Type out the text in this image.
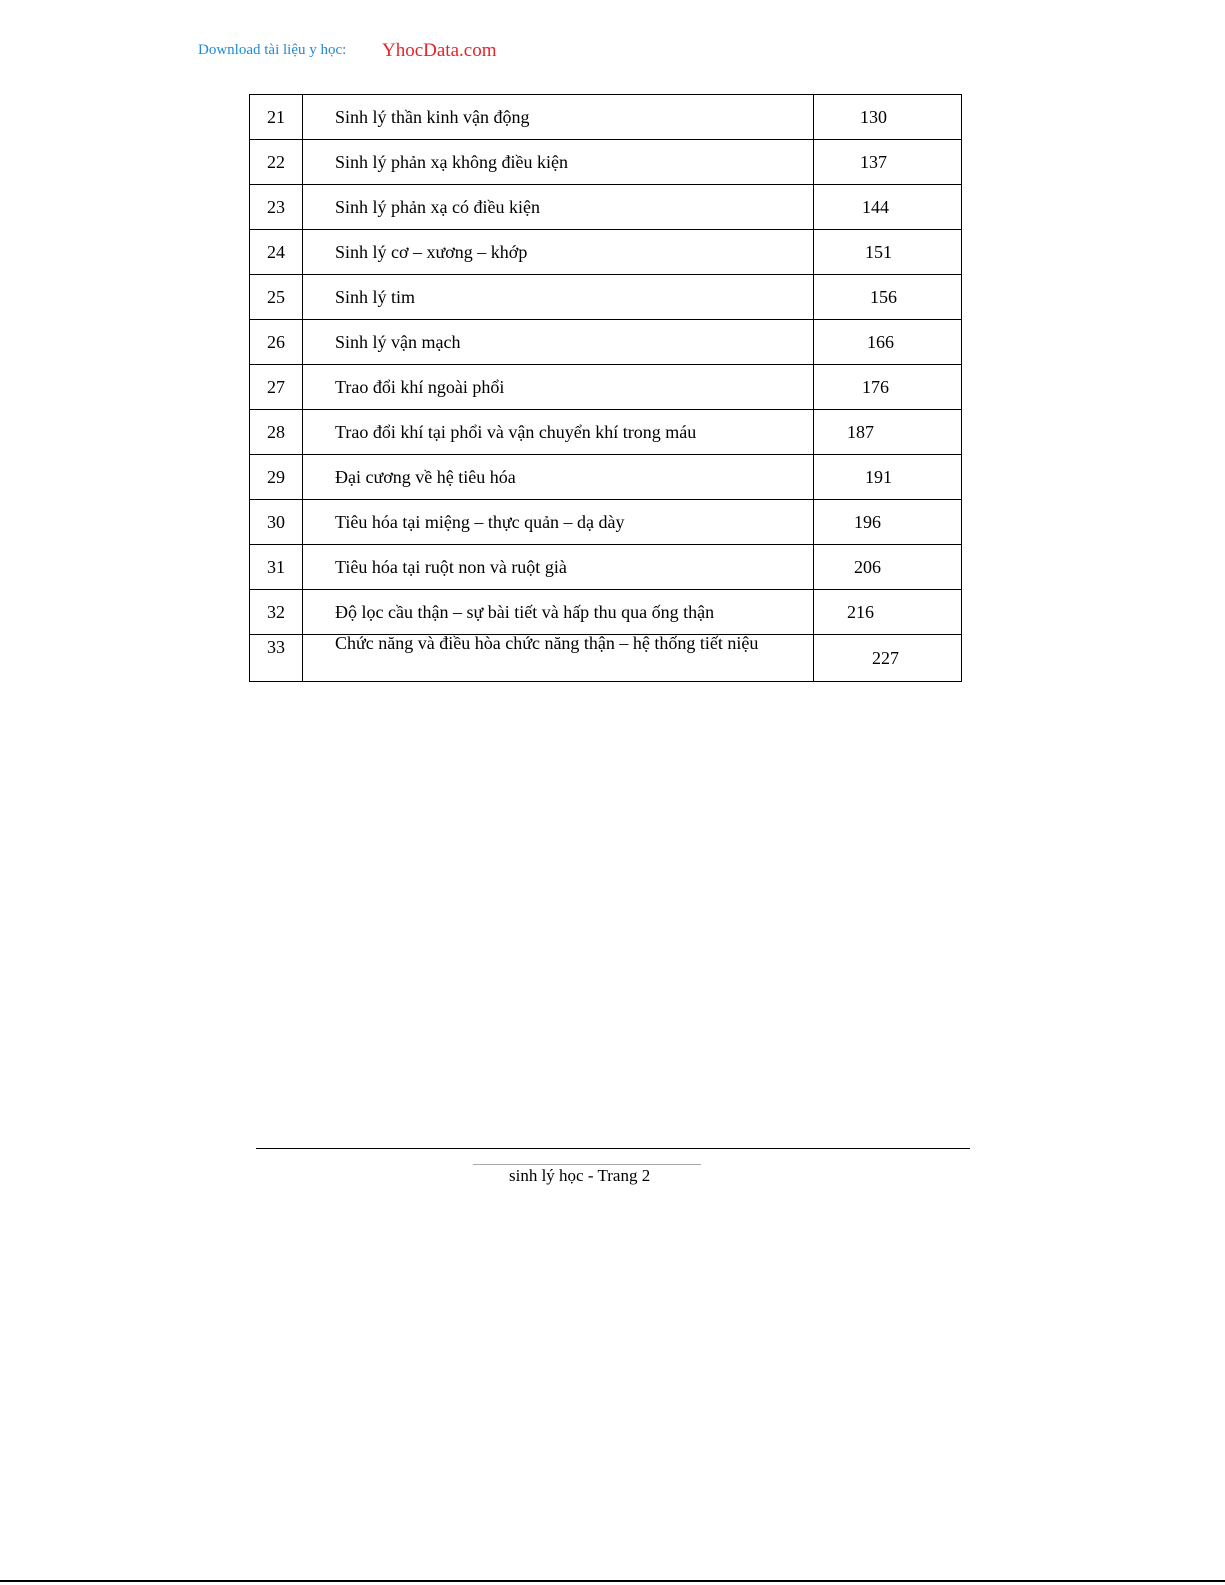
Download tài liệu y học: YhocData.com
21	Sinh lý thần kinh vận động	130
22	Sinh lý phản xạ không điều kiện	137
23	Sinh lý phản xạ có điều kiện	144
24	Sinh lý cơ – xương – khớp	151
25	Sinh lý tim	156
26	Sinh lý vận mạch	166
27	Trao đổi khí ngoài phổi	176
28	Trao đổi khí tại phổi và vận chuyển khí trong máu	187
29	Đại cương về hệ tiêu hóa	191
30	Tiêu hóa tại miệng – thực quản – dạ dày	196
31	Tiêu hóa tại ruột non và ruột già	206
32	Độ lọc cầu thận – sự bài tiết và hấp thu qua ống thận	216
33	Chức năng và điều hòa chức năng thận – hệ thống tiết niệu	227
sinh lý học - Trang 2
